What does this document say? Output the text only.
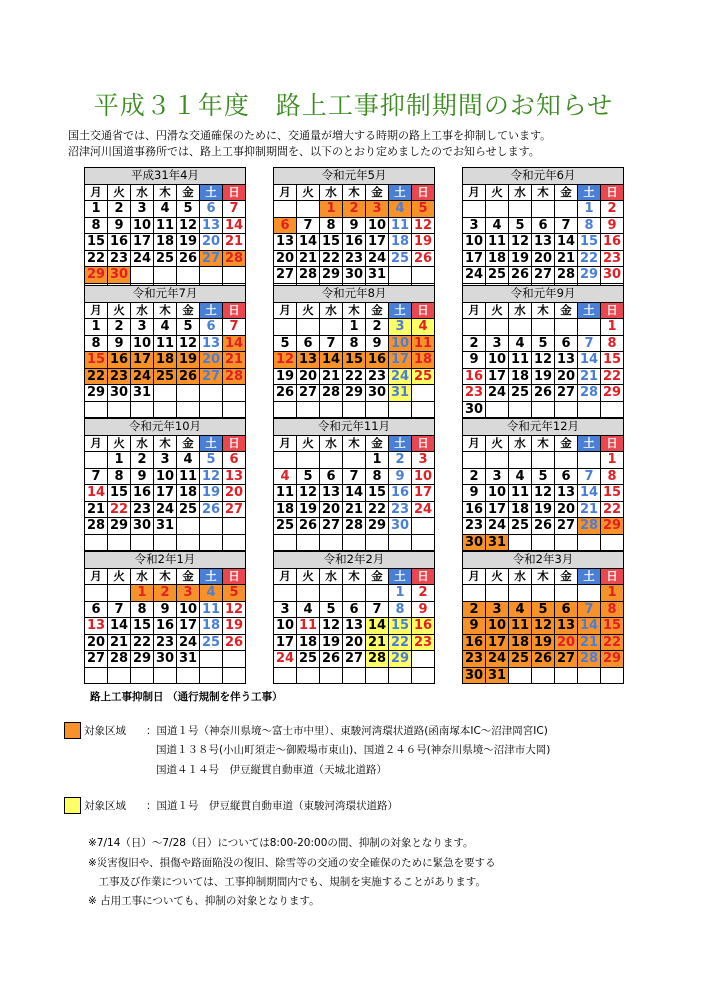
平成３１年度　路上工事抑制期間のお知らせ
国土交通省では、円滑な交通確保のために、交通量が増大する時期の路上工事を抑制しています。
沼津河川国道事務所では、路上工事抑制期間を、以下のとおり定めましたのでお知らせします。
平成31年4月						
月	火	水	木	金	土	日
1	2	3	4	5	6	7
8	9	10	11	12	13	14
15	16	17	18	19	20	21
22	23	24	25	26	27	28
29	30					

令和元年5月						
月	火	水	木	金	土	日
		1	2	3	4	5
6	7	8	9	10	11	12
13	14	15	16	17	18	19
20	21	22	23	24	25	26
27	28	29	30	31		

令和元年6月						
月	火	水	木	金	土	日
					1	2
3	4	5	6	7	8	9
10	11	12	13	14	15	16
17	18	19	20	21	22	23
24	25	26	27	28	29	30

令和元年7月						
月	火	水	木	金	土	日
1	2	3	4	5	6	7
8	9	10	11	12	13	14
15	16	17	18	19	20	21
22	23	24	25	26	27	28
29	30	31				

令和元年8月						
月	火	水	木	金	土	日
			1	2	3	4
5	6	7	8	9	10	11
12	13	14	15	16	17	18
19	20	21	22	23	24	25
26	27	28	29	30	31	

令和元年9月						
月	火	水	木	金	土	日
						1
2	3	4	5	6	7	8
9	10	11	12	13	14	15
16	17	18	19	20	21	22
23	24	25	26	27	28	29
30						
令和元年10月						
月	火	水	木	金	土	日
	1	2	3	4	5	6
7	8	9	10	11	12	13
14	15	16	17	18	19	20
21	22	23	24	25	26	27
28	29	30	31			

令和元年11月						
月	火	水	木	金	土	日
				1	2	3
4	5	6	7	8	9	10
11	12	13	14	15	16	17
18	19	20	21	22	23	24
25	26	27	28	29	30	

令和元年12月						
月	火	水	木	金	土	日
						1
2	3	4	5	6	7	8
9	10	11	12	13	14	15
16	17	18	19	20	21	22
23	24	25	26	27	28	29
30	31					
令和2年1月						
月	火	水	木	金	土	日
		1	2	3	4	5
6	7	8	9	10	11	12
13	14	15	16	17	18	19
20	21	22	23	24	25	26
27	28	29	30	31		

令和2年2月						
月	火	水	木	金	土	日
					1	2
3	4	5	6	7	8	9
10	11	12	13	14	15	16
17	18	19	20	21	22	23
24	25	26	27	28	29	

令和2年3月						
月	火	水	木	金	土	日
						1
2	3	4	5	6	7	8
9	10	11	12	13	14	15
16	17	18	19	20	21	22
23	24	25	26	27	28	29
30	31					
路上工事抑制日 （通行規制を伴う工事）
対象区域 ：国道１号（神奈川県境～富士市中里）、東駿河湾環状道路(函南塚本IC～沼津岡宮IC)
国道１３８号(小山町須走～御殿場市東山)、国道２４６号(神奈川県境～沼津市大岡)
国道４１４号　伊豆縦貫自動車道（天城北道路）
対象区域 ：国道１号　伊豆縦貫自動車道（東駿河湾環状道路）
※7/14（日）～7/28（日）については8:00-20:00の間、抑制の対象となります。
※災害復旧や、損傷や路面陥没の復旧、除雪等の交通の安全確保のために緊急を要する
　工事及び作業については、工事抑制期間内でも、規制を実施することがあります。
※ 占用工事についても、抑制の対象となります。
